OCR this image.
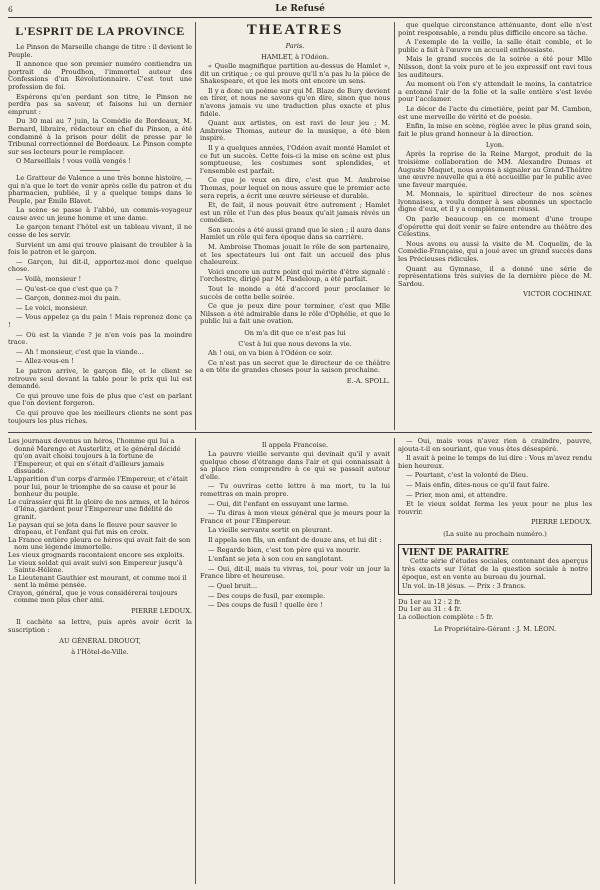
6	Le Refusé
L'ESPRIT DE LA PROVINCE

Le Pinson de Marseille change de titre : il devient le Peuple.

Il annonce que son premier numéro contiendra un portrait de Proudhon, l'immortel auteur des Confessions d'un Révolutionnaire. C'est tout une profession de foi.

Espérons qu'en perdant son titre, le Pinson ne perdra pas sa saveur, et faisons lui un dernier emprunt :

Du 30 mai au 7 juin, la Comédie de Bordeaux, M. Bernard, libraire, rédacteur en chef du Pinson, a été condamné à la prison pour délit de presse par le Tribunal correctionnel de Bordeaux. Le Pinson compte sur ses lecteurs pour le remplacer.

O Marseillais ! vous voilà vengés !

Le Gratteur de Valence a une très bonne histoire, — qui n'a que le tort de venir après celle du patron et du pharmacien, publiée, il y a quelque temps dans le Peuple, par Émile Blavet.

La scène se passe à l'abbé, un commis-voyageur cause avec un jeune homme et une dame.

Le garçon tenant l'hôtel est un tableau vivant, il ne cesse de les servir.

Survient un ami qui trouve plaisant de troubler à la fois le patron et le garçon.

— Garçon, lui dit-il, apportez-moi donc quelque chose.

— Voilà, monsieur !

— Qu'est-ce que c'est que ça ?

— Garçon, donnez-moi du pain.

— Le voici, monsieur.

— Vous appelez ça du pain ! Mais reprenez donc ça !

— Où est la viande ? je n'en vois pas la moindre trace.

— Ah ! monsieur, c'est que la viande...

— Allez-vous-en !

Le patron arrive, le garçon file, et le client se retrouve seul devant la table pour le prix qui lui est demandé.

Ce qui prouve une fois de plus que c'est en parlant que l'on devient forgeron.

Ce qui prouve que les meilleurs clients ne sont pas toujours les plus riches.

THEATRES
Paris.
HAMLET, à l'Odéon.

« Quelle magnifique partition au-dessus de Hamlet », dit un critique ; ce qui prouve qu'il n'a pas lu la pièce de Shakespeare, et que les mots ont encore un sens.

Il y a donc un poème sur qui M. Blaze de Bury devient en tirer, et nous ne savons qu'en dire, sinon que nous n'avons jamais vu une traduction plus exacte et plus fidèle.

Quant aux artistes, on est ravi de leur jeu ; M. Ambroise Thomas, auteur de la musique, a été bien inspiré.

Il y a quelques années, l'Odéon avait monté Hamlet et ce fut un succès. Cette fois-ci la mise en scène est plus somptueuse, les costumes sont splendides, et l'ensemble est parfait.

Ce que je veux en dire, c'est que M. Ambroise Thomas, pour lequel on nous assure que le premier acte sera repris, a écrit une œuvre sérieuse et durable.

Et, de fait, il nous pouvait être autrement ; Hamlet est un rôle et l'un des plus beaux qu'ait jamais rêvés un comédien.

Son succès a été aussi grand que le sien ; il aura dans Hamlet un rôle qui fera époque dans sa carrière.

M. Ambroise Thomas jouait le rôle de son partenaire, et les spectateurs lui ont fait un accueil des plus chaleureux.

Voici encore un autre point qui mérite d'être signalé : l'orchestre, dirigé par M. Pasdeloup, a été parfait.

Tout le monde a été d'accord pour proclamer le succès de cette belle soirée.

Ce que je peux dire pour terminer, c'est que Mlle Nilsson a été admirable dans le rôle d'Ophélie, et que le public lui a fait une ovation.

On m'a dit que ce n'est pas lui
C'est à lui que nous devons la vie.

Ah ! oui, on va bien à l'Odéon ce soir.

Ce n'est pas un secret que le directeur de ce théâtre a en tête de grandes choses pour la saison prochaine.

E.-A. SPOLL.

que quelque circonstance atténuante, dont elle n'est point responsable, a rendu plus difficile encore sa tâche.

A l'exemple de la veille, la salle était comble, et le public a fait à l'œuvre un accueil enthousiaste.

Mais le grand succès de la soirée a été pour Mlle Nilsson, dont la voix pure et le jeu expressif ont ravi tous les auditeurs.

Au moment où l'on s'y attendait le moins, la cantatrice a entonné l'air de la folie et la salle entière s'est levée pour l'acclamer.

Le décor de l'acte du cimetière, peint par M. Cambon, est une merveille de vérité et de poésie.

Enfin, la mise en scène, réglée avec le plus grand soin, fait le plus grand honneur à la direction.

Lyon.

Après la reprise de la Reine Margot, produit de la troisième collaboration de MM. Alexandre Dumas et Auguste Maquet, nous avons à signaler au Grand-Théâtre une œuvre nouvelle qui a été accueillie par le public avec une faveur marquée.

M. Monnais, le spirituel directeur de nos scènes lyonnaises, a voulu donner à ses abonnés un spectacle digne d'eux, et il y a complètement réussi.

On parle beaucoup en ce moment d'une troupe d'opérette qui doit venir se faire entendre au théâtre des Célestins.

Nous avons eu aussi la visite de M. Coquelin, de la Comédie-Française, qui a joué avec un grand succès dans les Précieuses ridicules.

Quant au Gymnase, il a donné une série de représentations très suivies de la dernière pièce de M. Sardou.

VICTOR COCHINAT.
Les journaux devenus un héros, l'homme qui lui a donné Marengo et Austerlitz, et le général décidé qu'on avait choisi toujours à la fortune de l'Empereur, et qui en s'était d'ailleurs jamais dissuadé.
L'apparition d'un corps d'armée l'Empereur, et c'était pour lui, pour le triomphe de sa cause et pour le bonheur du peuple.
Le cuirassier qui fit la gloire de nos armes, et le héros d'Iéna, gardent pour l'Empereur une fidélité de granit.
Le paysan qui se jeta dans le fleuve pour sauver le drapeau, et l'enfant qui fut mis en croix.
La France entière pleura ce héros qui avait fait de son nom une légende immortelle.
Les vieux grognards racontaient encore ses exploits.
Le vieux soldat qui avait suivi son Empereur jusqu'à Sainte-Hélène.
Le Lieutenant Gauthier est mourant, et comme moi il sent la même pensée.
Crayon, général, que je vous considérerai toujours comme mon plus cher ami.
PIERRE LEDOUX.

Il cachète sa lettre, puis après avoir écrit la suscription :

AU GÉNÉRAL DROUOT,
à l'Hôtel-de-Ville.
Il appela Francoise.

La pauvre vieille servante qui devinait qu'il y avait quelque chose d'étrange dans l'air et qui connaissait à sa place rien comprendre à ce qui se passait autour d'elle.

— Tu ouvriras cette lettre à ma mort, tu la lui remettras en main propre.

— Oui, dit l'enfant en essuyant une larme.

— Tu diras à mon vieux général que je meurs pour la France et pour l'Empereur.

La vieille servante sortit en pleurant.

Il appela son fils, un enfant de douze ans, et lui dit :

— Regarde bien, c'est ton père qui va mourir.

L'enfant se jeta à son cou en sanglotant.

— Oui, dit-il, mais tu vivras, toi, pour voir un jour la France libre et heureuse.

— Quel bruit...

— Des coups de fusil, par exemple.

— Des coups de fusil ! quelle ère !

— Oui, mais vous n'avez rien à craindre, pauvre, ajouta-t-il en souriant, que vous êtes désespéré.

Il avait à peine le temps de lui dire : Vous m'avez rendu bien heureux.

— Pourtant, c'est la volonté de Dieu.

— Mais enfin, dites-nous ce qu'il faut faire.

— Prier, mon ami, et attendre.

Et le vieux soldat ferma les yeux pour ne plus les rouvrir.

PIERRE LEDOUX.
(La suite au prochain numéro.)
VIENT DE PARAITRE

Cette série d'études sociales, contenant des aperçus très exacts sur l'état de la question sociale à notre époque, est en vente au bureau du journal.

Un vol. in-18 jésus. — Prix : 3 francs.
Du 1er au 12 : 2 fr.
Du 1er au 31 : 4 fr.
La collection complète : 5 fr.
Le Propriétaire-Gérant : J. M. LÉON.
